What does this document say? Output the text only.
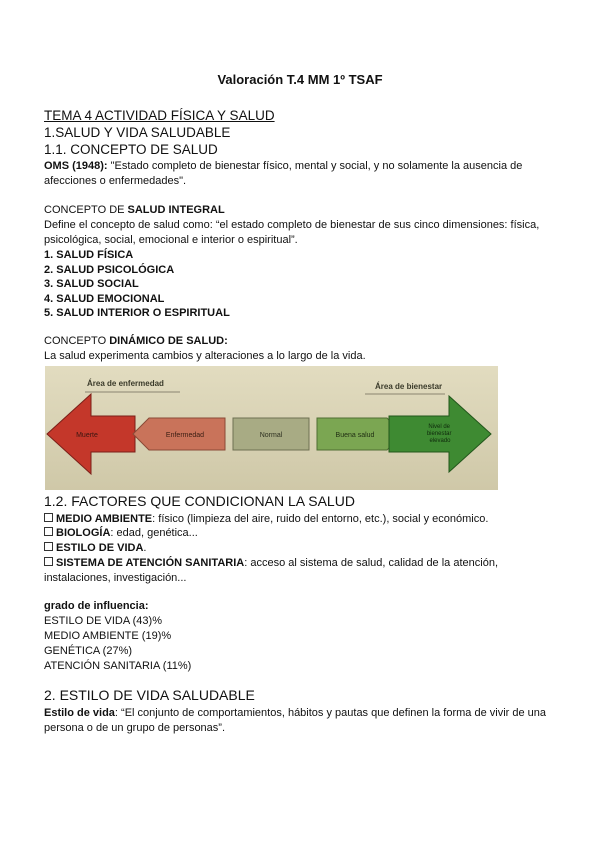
Valoración T.4 MM 1º TSAF
TEMA 4 ACTIVIDAD FÍSICA Y SALUD
1.SALUD Y VIDA SALUDABLE
1.1. CONCEPTO DE SALUD
OMS (1948): "Estado completo de bienestar físico, mental y social, y no solamente la ausencia de
afecciones o enfermedades".
CONCEPTO DE SALUD INTEGRAL
Define el concepto de salud como: “el estado completo de bienestar de sus cinco dimensiones: física,
psicológica, social, emocional e interior o espiritual”.
1. SALUD FÍSICA
2. SALUD PSICOLÓGICA
3. SALUD SOCIAL
4. SALUD EMOCIONAL
5. SALUD INTERIOR O ESPIRITUAL
CONCEPTO DINÁMICO DE SALUD:
La salud experimenta cambios y alteraciones a lo largo de la vida.
Área de enfermedad	Área de bienestar
Muerte	Enfermedad	Normal	Buena salud
Nivel de bienestar elevado
1.2. FACTORES QUE CONDICIONAN LA SALUD
MEDIO AMBIENTE: físico (limpieza del aire, ruido del entorno, etc.), social y económico.
BIOLOGÍA: edad, genética...
ESTILO DE VIDA.
SISTEMA DE ATENCIÓN SANITARIA: acceso al sistema de salud, calidad de la atención,
instalaciones, investigación...
grado de influencia:
ESTILO DE VIDA (43)%
MEDIO AMBIENTE (19)%
GENÉTICA (27%)
ATENCIÓN SANITARIA (11%)
2. ESTILO DE VIDA SALUDABLE
Estilo de vida: “El conjunto de comportamientos, hábitos y pautas que definen la forma de vivir de una
persona o de un grupo de personas”.
